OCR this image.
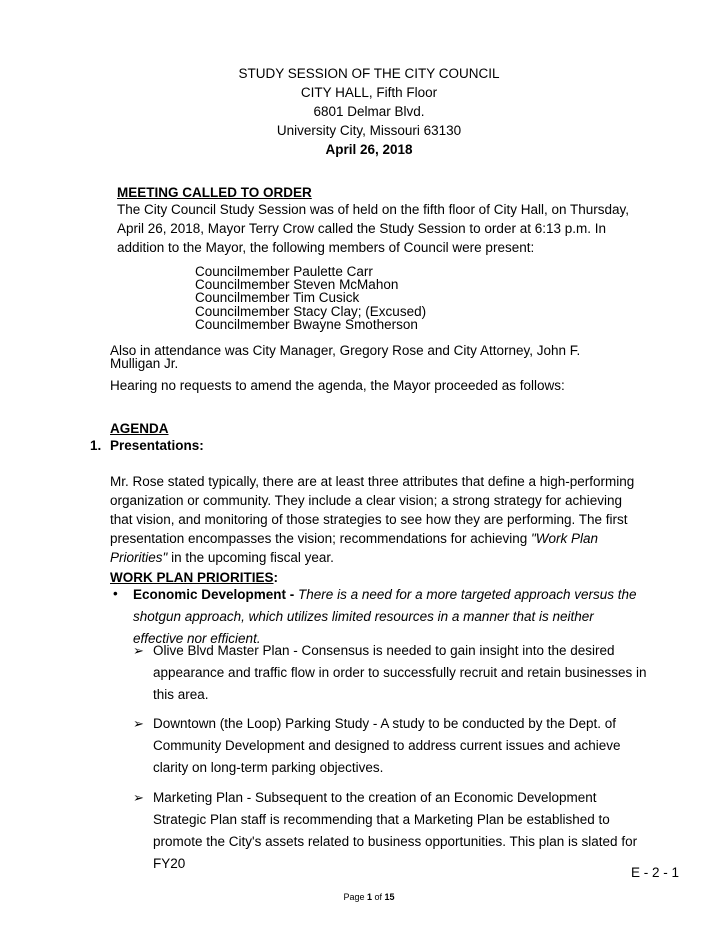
STUDY SESSION OF THE CITY COUNCIL
CITY HALL, Fifth Floor
6801 Delmar Blvd.
University City, Missouri 63130
April 26, 2018
MEETING CALLED TO ORDER
The City Council Study Session was of held on the fifth floor of City Hall, on Thursday,
April 26, 2018, Mayor Terry Crow called the Study Session to order at 6:13 p.m. In
addition to the Mayor, the following members of Council were present:
Councilmember Paulette Carr
Councilmember Steven McMahon
Councilmember Tim Cusick
Councilmember Stacy Clay; (Excused)
Councilmember Bwayne Smotherson
Also in attendance was City Manager, Gregory Rose and City Attorney, John F.
Mulligan Jr.
Hearing no requests to amend the agenda, the Mayor proceeded as follows:
AGENDA
1. Presentations:
Mr. Rose stated typically, there are at least three attributes that define a high-performing
organization or community. They include a clear vision; a strong strategy for achieving
that vision, and monitoring of those strategies to see how they are performing. The first
presentation encompasses the vision; recommendations for achieving "Work Plan
Priorities" in the upcoming fiscal year.
WORK PLAN PRIORITIES:
• Economic Development - There is a need for a more targeted approach versus the
shotgun approach, which utilizes limited resources in a manner that is neither
effective nor efficient.
➢ Olive Blvd Master Plan - Consensus is needed to gain insight into the desired
appearance and traffic flow in order to successfully recruit and retain businesses in
this area.
➢ Downtown (the Loop) Parking Study - A study to be conducted by the Dept. of
Community Development and designed to address current issues and achieve
clarity on long-term parking objectives.
➢ Marketing Plan - Subsequent to the creation of an Economic Development
Strategic Plan staff is recommending that a Marketing Plan be established to
promote the City's assets related to business opportunities. This plan is slated for
FY20
E - 2 - 1
Page 1 of 15
